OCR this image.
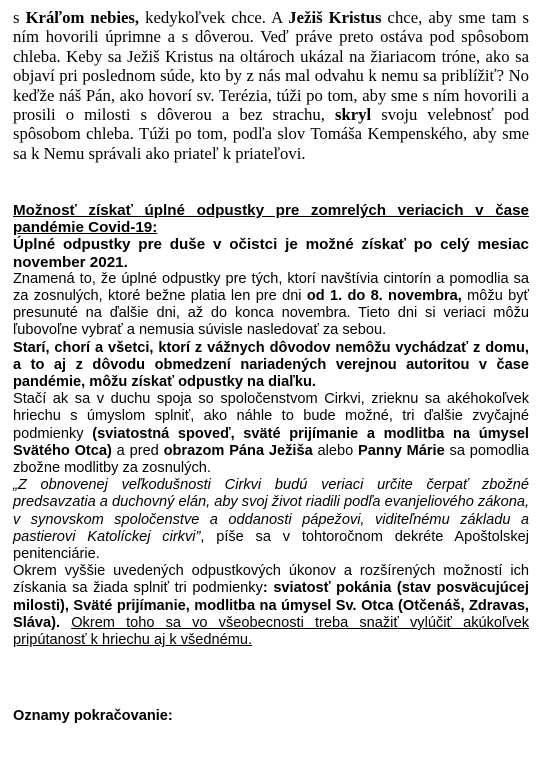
s Kráľom nebies, kedykoľvek chce. A Ježiš Kristus chce, aby sme tam s ním hovorili úprimne a s dôverou. Veď práve preto ostáva pod spôsobom chleba. Keby sa Ježiš Kristus na oltároch ukázal na žiariacom tróne, ako sa objaví pri poslednom súde, kto by z nás mal odvahu k nemu sa priblížiť? No keďže náš Pán, ako hovorí sv. Terézia, túži po tom, aby sme s ním hovorili a prosili o milosti s dôverou a bez strachu, skryl svoju velebnosť pod spôsobom chleba. Túži po tom, podľa slov Tomáša Kempenského, aby sme sa k Nemu správali ako priateľ k priateľovi.

Možnosť získať úplné odpustky pre zomrelých veriacich v čase pandémie Covid-19:

Úplné odpustky pre duše v očistci je možné získať po celý mesiac november 2021.

Znamená to, že úplné odpustky pre tých, ktorí navštívia cintorín a pomodlia sa za zosnulých, ktoré bežne platia len pre dni od 1. do 8. novembra, môžu byť presunuté na ďalšie dni, až do konca novembra. Tieto dni si veriaci môžu ľubovoľne vybrať a nemusia súvisle nasledovať za sebou.

Starí, chorí a všetci, ktorí z vážnych dôvodov nemôžu vychádzať z domu, a to aj z dôvodu obmedzení nariadených verejnou autoritou v čase pandémie, môžu získať odpustky na diaľku.

Stačí ak sa v duchu spoja so spoločenstvom Cirkvi, zrieknu sa akéhokoľvek hriechu s úmyslom splniť, ako náhle to bude možné, tri ďalšie zvyčajné podmienky (sviatostná spoveď, sväté prijímanie a modlitba na úmysel Svätého Otca) a pred obrazom Pána Ježiša alebo Panny Márie sa pomodlia zbožne modlitby za zosnulých.

„Z obnovenej veľkodušnosti Cirkvi budú veriaci určite čerpať zbožné predsavzatia a duchovný elán, aby svoj život riadili podľa evanjeliového zákona, v synovskom spoločenstve a oddanosti pápežovi, viditeľnému základu a pastierovi Katolíckej cirkvi”, píše sa v tohtoročnom dekréte Apoštolskej penitenciárie.

Okrem vyššie uvedených odpustkových úkonov a rozšírených možností ich získania sa žiada splniť tri podmienky: sviatosť pokánia (stav posväcujúcej milosti), Sväté prijímanie, modlitba na úmysel Sv. Otca (Otčenáš, Zdravas, Sláva). Okrem toho sa vo všeobecnosti treba snažiť vylúčiť akúkoľvek pripútanosť k hriechu aj k všednému.

Oznamy pokračovanie:
